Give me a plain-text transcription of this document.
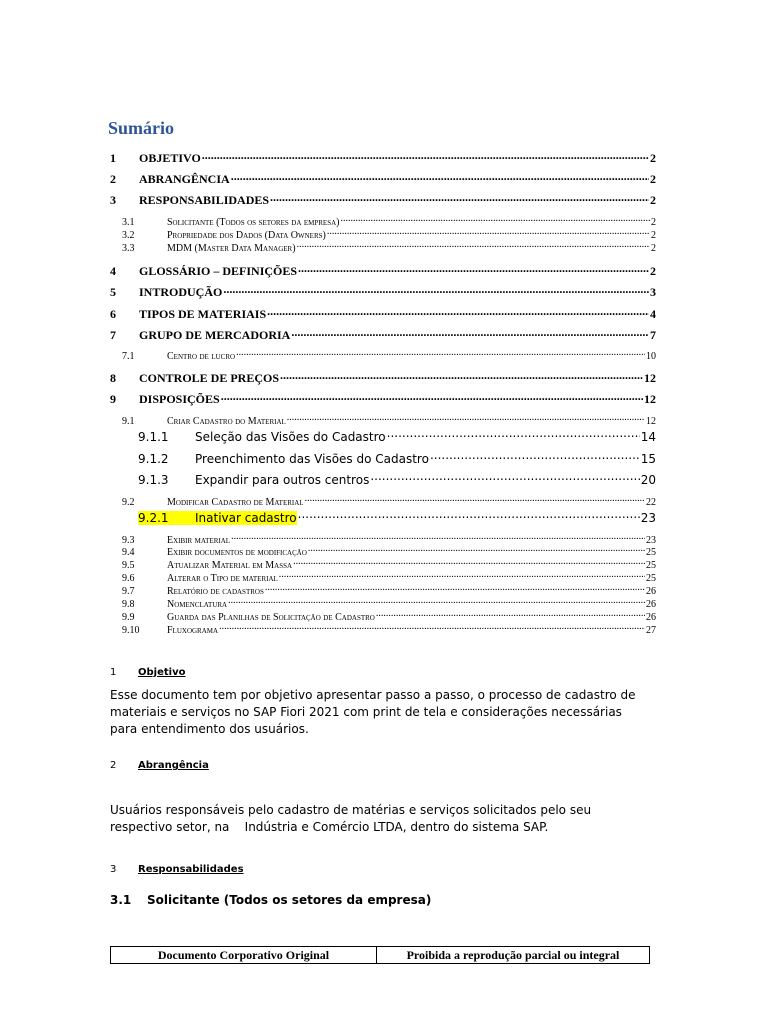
Sumário
1	OBJETIVO .....	2
2	ABRANGÊNCIA .....	2
3	RESPONSABILIDADES .....	2
3.1	Solicitante (Todos os setores da empresa) .....	2
3.2	Propriedade dos Dados (Data Owners) .....	2
3.3	MDM (Master Data Manager) .....	2
4	GLOSSÁRIO – DEFINIÇÕES .....	2
5	INTRODUÇÃO .....	3
6	TIPOS DE MATERIAIS .....	4
7	GRUPO DE MERCADORIA .....	7
7.1	Centro de lucro .....	10
8	CONTROLE DE PREÇOS .....	12
9	DISPOSIÇÕES .....	12
9.1	Criar Cadastro do Material .....	12
9.1.1	Seleção das Visões do Cadastro .....	14
9.1.2	Preenchimento das Visões do Cadastro .....	15
9.1.3	Expandir para outros centros .....	20
9.2	Modificar Cadastro de Material .....	22
9.2.1	Inativar cadastro .....	23
9.3	Exibir material .....	23
9.4	Exibir documentos de modificação .....	25
9.5	Atualizar Material em Massa .....	25
9.6	Alterar o Tipo de material .....	25
9.7	Relatório de cadastros .....	26
9.8	Nomenclatura .....	26
9.9	Guarda das Planilhas de Solicitação de Cadastro .....	26
9.10	Fluxograma .....	27
1	Objetivo

Esse documento tem por objetivo apresentar passo a passo, o processo de cadastro de materiais e serviços no SAP Fiori 2021 com print de tela e considerações necessárias para entendimento dos usuários.

2	Abrangência

Usuários responsáveis pelo cadastro de matérias e serviços solicitados pelo seu respectivo setor, na    Indústria e Comércio LTDA, dentro do sistema SAP.

3	Responsabilidades
3.1	Solicitante (Todos os setores da empresa)
Documento Corporativo Original	Proibida a reprodução parcial ou integral
